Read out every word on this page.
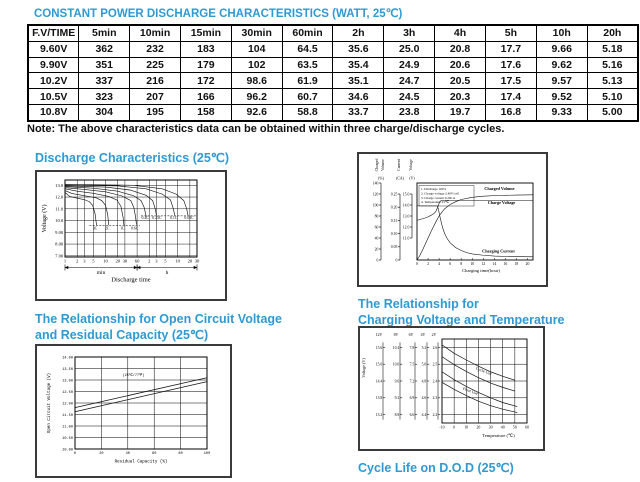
CONSTANT POWER DISCHARGE CHARACTERISTICS (WATT, 25℃)
F.V/TIME	5min	10min	15min	30min	60min	2h	3h	4h	5h	10h	20h
9.60V	362	232	183	104	64.5	35.6	25.0	20.8	17.7	9.66	5.18
9.90V	351	225	179	102	63.5	35.4	24.9	20.6	17.6	9.62	5.16
10.2V	337	216	172	98.6	61.9	35.1	24.7	20.5	17.5	9.57	5.13
10.5V	323	207	166	96.2	60.7	34.6	24.5	20.3	17.4	9.52	5.10
10.8V	304	195	158	92.6	58.8	33.7	23.8	19.7	16.8	9.33	5.00
Note: The above characteristics data can be obtained within three charge/discharge cycles.
Discharge Characteristics (25℃)
13.0
12.0
11.0
10.0
9.00
8.00
7.00
1 2 3 5 10 20 30 60 2 3 5 10 20 30
Voltage (V)
min	h
Discharge time
3C 2C	1C 0.6C
0.4C 0.25C 0.1C 0.05C
The Relationship for Open Circuit Voltage
and Residual Capacity (25℃)
14.00
13.50
13.00
12.50
12.00
11.50
11.00
10.50
10.00
0	20	40	60	80	100
Open Circuit Voltage (V)
Residual Capacity (%)
(25℃/77℉)
0
20
40
60
80
100
120
140
(%)
Charged Volume
0
0.05
0.10
0.15
0.20
0.25
(CA)
Current
11.0
12.0
13.0
14.0
15.0
(V)
Voltage
0 2 4 6 8 10 12 14 16 18 20
Charging time(hour)
1. Discharge 100%
2. Charge voltage 2.40V/cell
3. Charge current 0.20CA
4. Temperature 25℃
Charged Volume
Charge Voltage
Charging Current
The Relationship for
Charging Voltage and Temperature
12V
15.6
15.0
14.4
13.8
13.2
8V
10.4
10.0
9.6
9.2
8.8
6V
7.8
7.5
7.2
6.9
6.6
4V
5.2
5.0
4.8
4.6
4.4
2V
2.6
2.5
2.4
2.3
2.2
Voltage (V)	Cycle Use
Float Use
-10 0 10 20 30 40 50 60
Temperature (℃)
Cycle Life on D.O.D (25℃)
